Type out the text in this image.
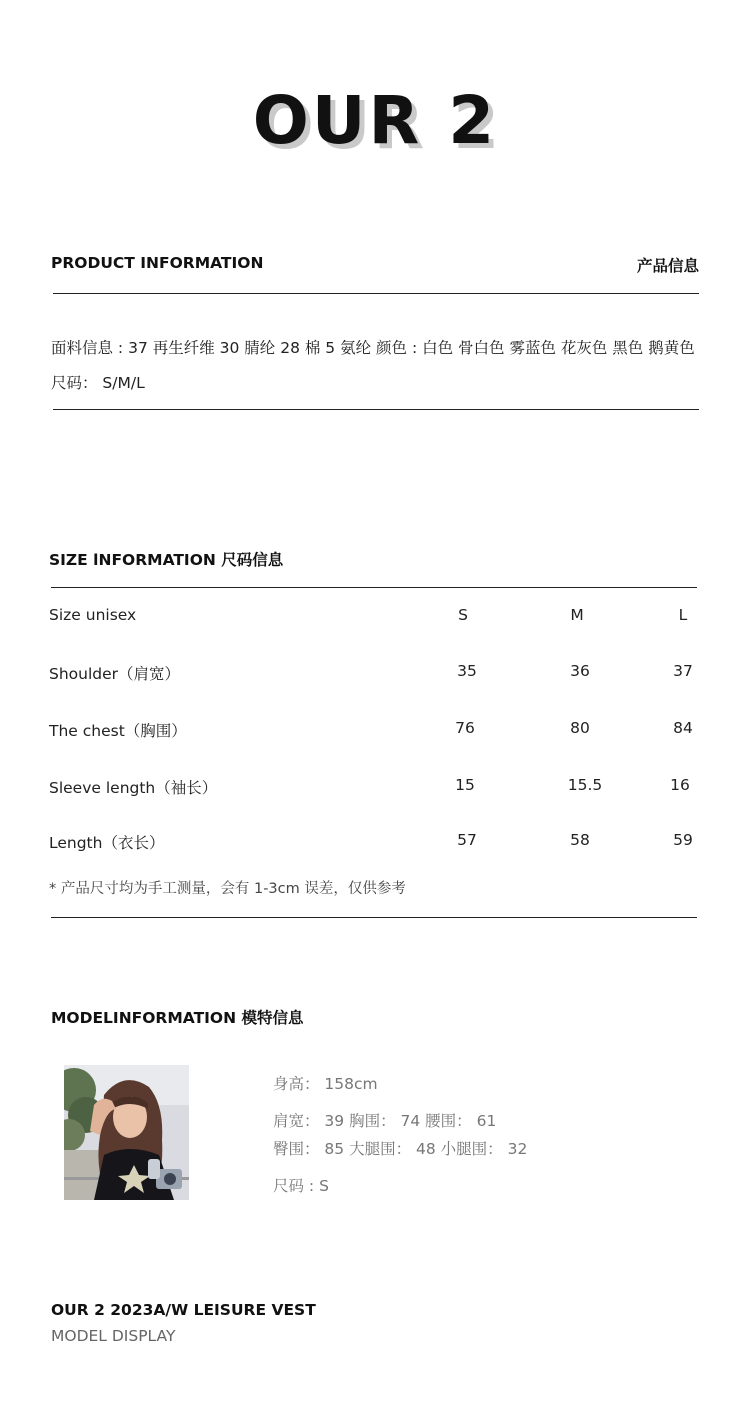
OUR 2
PRODUCT INFORMATION	产品信息
面料信息 : 37 再生纤维 30 腈纶 28 棉 5 氨纶 颜色 : 白色 骨白色 雾蓝色 花灰色 黑色 鹅黄色
尺码： S/M/L
SIZE lNFORMATION 尺码信息
Size unisex	S	M	L
Shoulder（肩宽）	35	36	37
The chest（胸围）	76	80	84
Sleeve length（袖长）	15	15.5	16
Length（衣长）	57	58	59
* 产品尺寸均为手工测量，会有 1-3cm 误差，仅供参考
MODELINFORMATION 模特信息
身高： 158cm
肩宽： 39 胸围： 74 腰围： 61
臀围： 85 大腿围： 48 小腿围： 32
尺码 : S
OUR 2 2023A/W LEISURE VEST
MODEL DISPLAY
